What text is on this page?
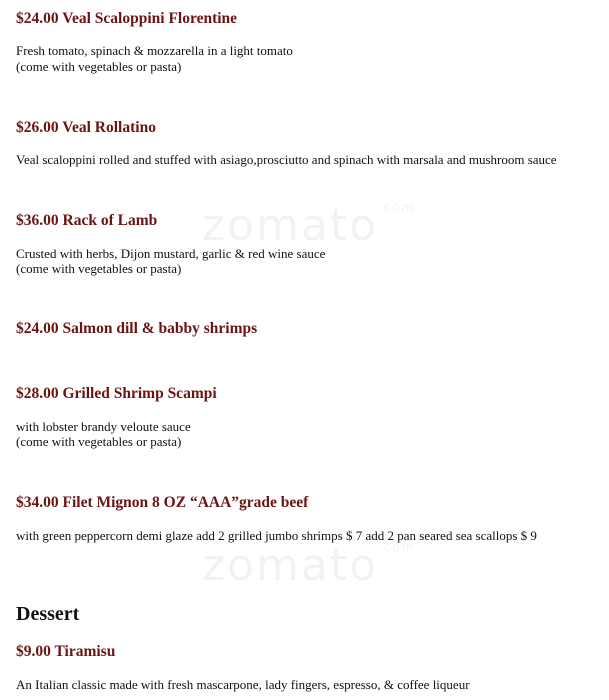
zomato$^{.com}$
zomato$^{.com}$
$24.00 Veal Scaloppini Florentine

Fresh tomato, spinach & mozzarella in a light tomato

(come with vegetables or pasta)

$26.00 Veal Rollatino

Veal scaloppini rolled and stuffed with asiago,prosciutto and spinach with marsala and mushroom sauce

$36.00 Rack of Lamb

Crusted with herbs, Dijon mustard, garlic & red wine sauce

(come with vegetables or pasta)

$24.00 Salmon dill & babby shrimps
$28.00 Grilled Shrimp Scampi

with lobster brandy veloute sauce

(come with vegetables or pasta)

$34.00 Filet Mignon 8 OZ “AAA”grade beef

with green peppercorn demi glaze add 2 grilled jumbo shrimps $ 7 add 2 pan seared sea scallops $ 9

Dessert
$9.00 Tiramisu

An Italian classic made with fresh mascarpone, lady fingers, espresso, & coffee liqueur
